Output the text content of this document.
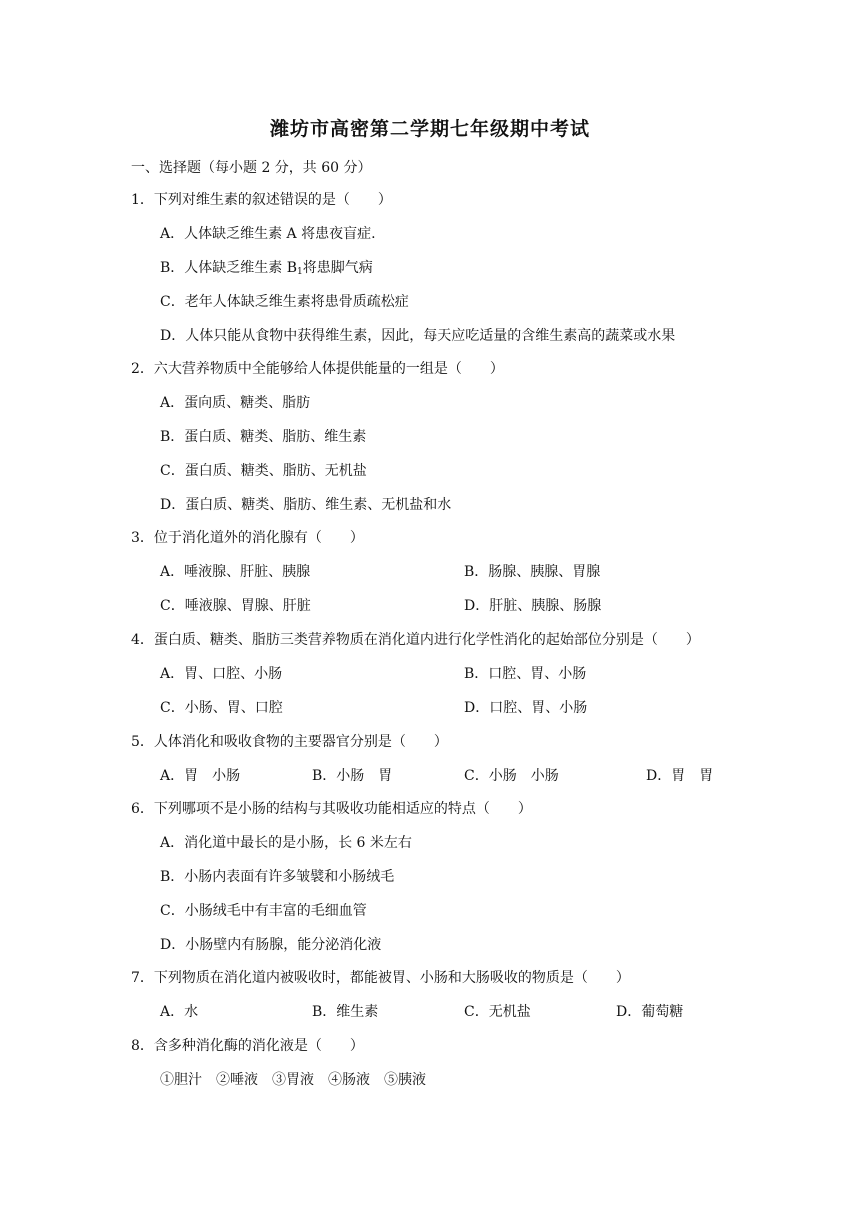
潍坊市高密第二学期七年级期中考试
一、选择题（每小题 2 分，共 60 分）
1．下列对维生素的叙述错误的是（　　）
A．人体缺乏维生素 A 将患夜盲症.
B．人体缺乏维生素 $B_1$将患脚气病
C．老年人体缺乏维生素将患骨质疏松症
D．人体只能从食物中获得维生素，因此，每天应吃适量的含维生素高的蔬菜或水果
2．六大营养物质中全能够给人体提供能量的一组是（　　）
A．蛋向质、糖类、脂肪
B．蛋白质、糖类、脂肪、维生素
C．蛋白质、糖类、脂肪、无机盐
D．蛋白质、糖类、脂肪、维生素、无机盐和水
3．位于消化道外的消化腺有（　　）
A．唾液腺、肝脏、胰腺	B．肠腺、胰腺、胃腺
C．唾液腺、胃腺、肝脏	D．肝脏、胰腺、肠腺
4．蛋白质、糖类、脂肪三类营养物质在消化道内进行化学性消化的起始部位分别是（　　）
A．胃、口腔、小肠	B．口腔、胃、小肠
C．小肠、胃、口腔	D．口腔、胃、小肠
5．人体消化和吸收食物的主要器官分别是（　　）
A．胃　小肠	B．小肠　胃	C．小肠　小肠	D．胃　胃
6．下列哪项不是小肠的结构与其吸收功能相适应的特点（　　）
A．消化道中最长的是小肠，长 6 米左右
B．小肠内表面有许多皱襞和小肠绒毛
C．小肠绒毛中有丰富的毛细血管
D．小肠壁内有肠腺，能分泌消化液
7．下列物质在消化道内被吸收时，都能被胃、小肠和大肠吸收的物质是（　　）
A．水	B．维生素	C．无机盐	D．葡萄糖
8．含多种消化酶的消化液是（　　）
①胆汁　②唾液　③胃液　④肠液　⑤胰液
